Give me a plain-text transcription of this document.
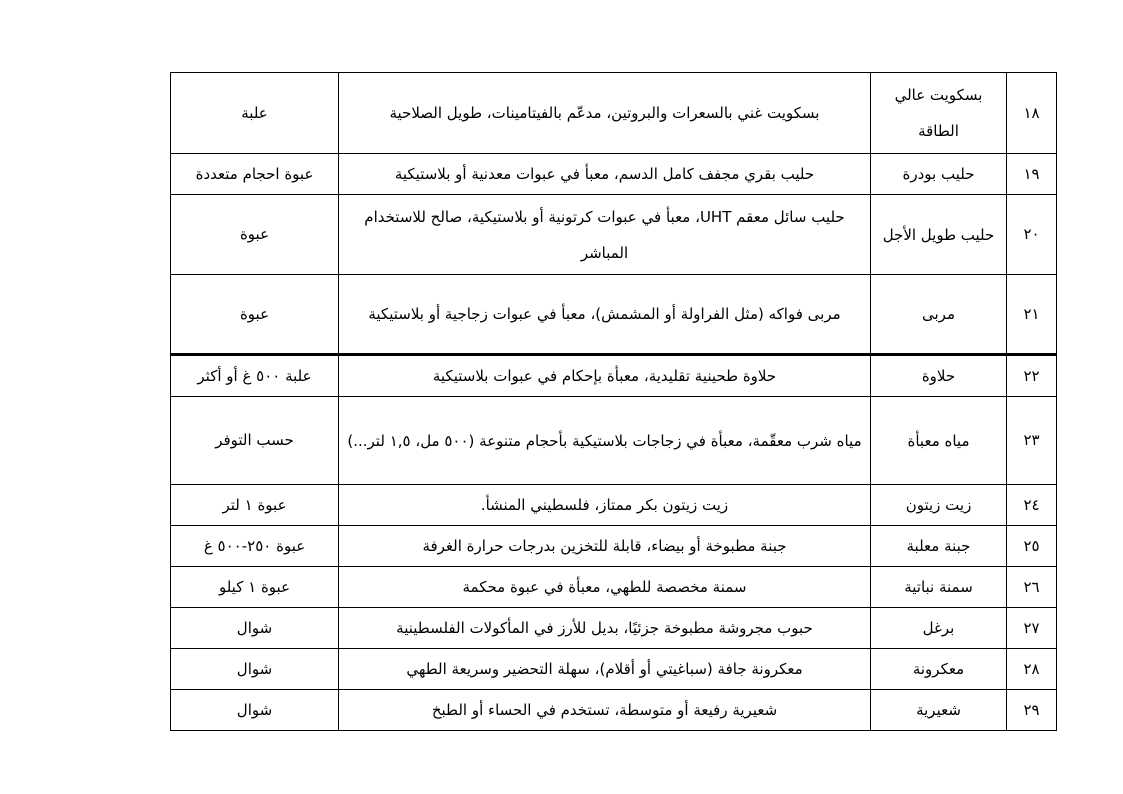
١٨	بسكويت عالي الطاقة	بسكويت غني بالسعرات والبروتين، مدعّم بالفيتامينات، طويل الصلاحية	علبة
١٩	حليب بودرة	حليب بقري مجفف كامل الدسم، معبأ في عبوات معدنية أو بلاستيكية	عبوة احجام متعددة
٢٠	حليب طويل الأجل	حليب سائل معقم UHT، معبأ في عبوات كرتونية أو بلاستيكية، صالح للاستخدام المباشر	عبوة
٢١	مربى	مربى فواكه (مثل الفراولة أو المشمش)، معبأ في عبوات زجاجية أو بلاستيكية	عبوة
٢٢	حلاوة	حلاوة طحينية تقليدية، معبأة بإحكام في عبوات بلاستيكية	علبة ٥٠٠ غ أو أكثر
٢٣	مياه معبأة	مياه شرب معقّمة، معبأة في زجاجات بلاستيكية بأحجام متنوعة (٥٠٠ مل، ١,٥ لتر...)	حسب التوفر
٢٤	زيت زيتون	زيت زيتون بكر ممتاز، فلسطيني المنشأ.	عبوة ١ لتر
٢٥	جبنة معلبة	جبنة مطبوخة أو بيضاء، قابلة للتخزين بدرجات حرارة الغرفة	عبوة ٢٥٠-٥٠٠ غ
٢٦	سمنة نباتية	سمنة مخصصة للطهي، معبأة في عبوة محكمة	عبوة ١ كيلو
٢٧	برغل	حبوب مجروشة مطبوخة جزئيًا، بديل للأرز في المأكولات الفلسطينية	شوال
٢٨	معكرونة	معكرونة جافة (سباغيتي أو أقلام)، سهلة التحضير وسريعة الطهي	شوال
٢٩	شعيرية	شعيرية رفيعة أو متوسطة، تستخدم في الحساء أو الطبخ	شوال
